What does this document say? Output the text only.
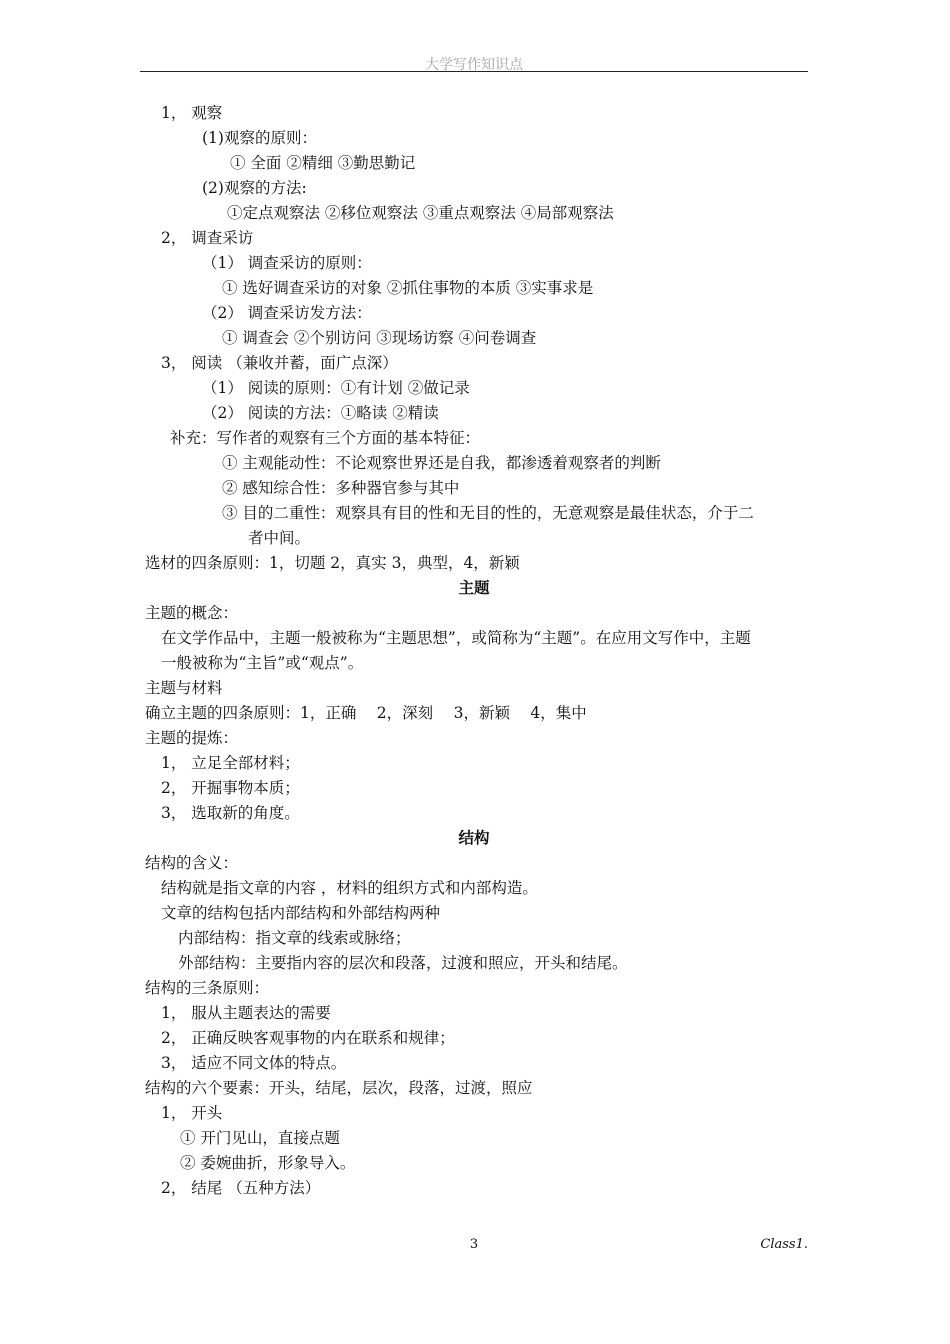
大学写作知识点
1， 观察
(1)观察的原则：
① 全面 ②精细 ③勤思勤记
(2)观察的方法:
①定点观察法 ②移位观察法 ③重点观察法 ④局部观察法
2， 调查采访
（1） 调查采访的原则：
① 选好调查采访的对象 ②抓住事物的本质 ③实事求是
（2） 调查采访发方法：
① 调查会 ②个别访问 ③现场访察 ④问卷调查
3， 阅读 （兼收并蓄，面广点深）
（1） 阅读的原则：①有计划 ②做记录
（2） 阅读的方法：①略读 ②精读
补充：写作者的观察有三个方面的基本特征：
① 主观能动性：不论观察世界还是自我，都渗透着观察者的判断
② 感知综合性：多种器官参与其中
③ 目的二重性：观察具有目的性和无目的性的，无意观察是最佳状态，介于二
者中间。
选材的四条原则：1，切题 2，真实 3，典型，4，新颖
主题
主题的概念：
在文学作品中，主题一般被称为“主题思想”，或简称为“主题”。在应用文写作中，主题
一般被称为“主旨”或“观点”。
主题与材料
确立主题的四条原则：1，正确　 2，深刻　 3，新颖　 4，集中
主题的提炼：
1， 立足全部材料；
2， 开掘事物本质；
3， 选取新的角度。
结构
结构的含义：
结构就是指文章的内容 ，材料的组织方式和内部构造。
文章的结构包括内部结构和外部结构两种
内部结构：指文章的线索或脉络；
外部结构：主要指内容的层次和段落，过渡和照应，开头和结尾。
结构的三条原则：
1， 服从主题表达的需要
2， 正确反映客观事物的内在联系和规律；
3， 适应不同文体的特点。
结构的六个要素：开头，结尾，层次，段落，过渡，照应
1， 开头
① 开门见山，直接点题
② 委婉曲折，形象导入。
2， 结尾 （五种方法）
3	Class1.
